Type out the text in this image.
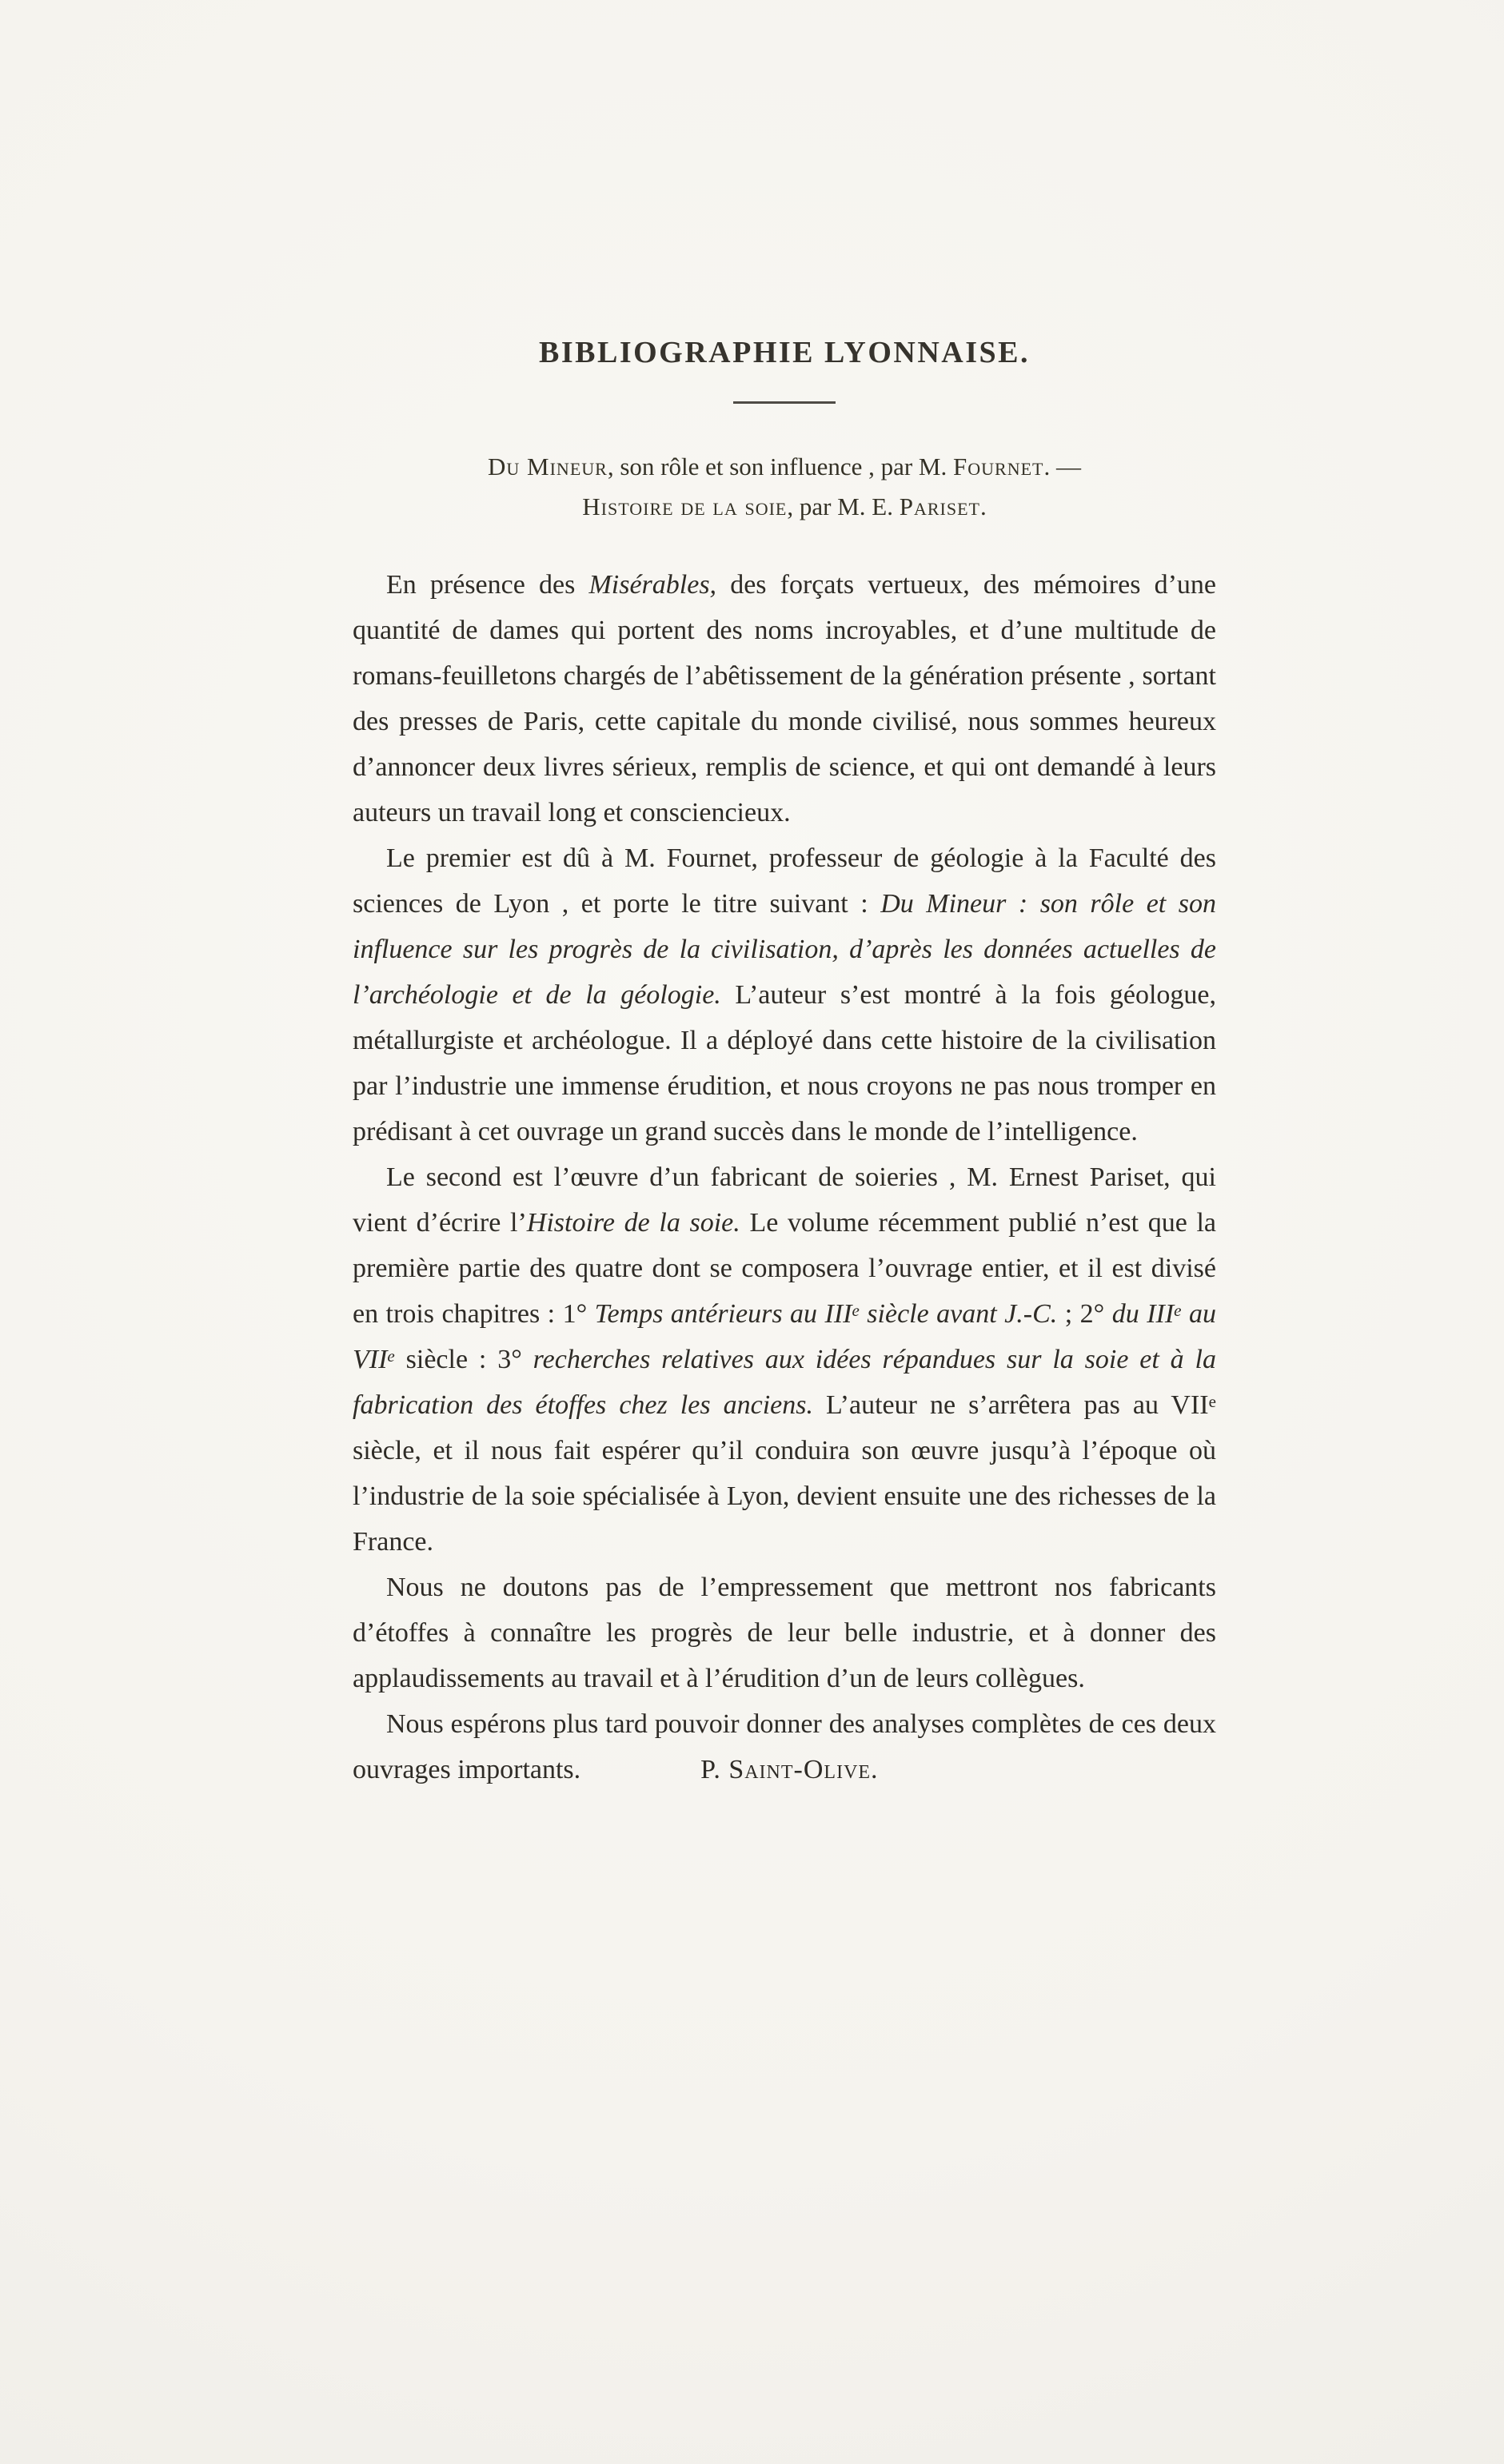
BIBLIOGRAPHIE LYONNAISE.
Du Mineur, son rôle et son influence , par M. Fournet. —
Histoire de la soie, par M. E. Pariset.

En présence des Misérables, des forçats vertueux, des mémoires d’une quantité de dames qui portent des noms incroyables, et d’une multitude de romans-feuilletons chargés de l’abêtissement de la génération présente , sortant des presses de Paris, cette capitale du monde civilisé, nous sommes heureux d’annoncer deux livres sérieux, remplis de science, et qui ont demandé à leurs auteurs un travail long et consciencieux.

Le premier est dû à M. Fournet, professeur de géologie à la Faculté des sciences de Lyon , et porte le titre suivant : Du Mineur : son rôle et son influence sur les progrès de la civilisation, d’après les données actuelles de l’archéologie et de la géologie. L’auteur s’est montré à la fois géologue, métallurgiste et archéologue. Il a déployé dans cette histoire de la civilisation par l’industrie une immense érudition, et nous croyons ne pas nous tromper en prédisant à cet ouvrage un grand succès dans le monde de l’intelligence.

Le second est l’œuvre d’un fabricant de soieries , M. Ernest Pariset, qui vient d’écrire l’Histoire de la soie. Le volume récemment publié n’est que la première partie des quatre dont se composera l’ouvrage entier, et il est divisé en trois chapitres : 1° Temps antérieurs au IIIe siècle avant J.-C. ; 2° du IIIe au VIIe siècle : 3° recherches relatives aux idées répandues sur la soie et à la fabrication des étoffes chez les anciens. L’auteur ne s’arrêtera pas au VIIe siècle, et il nous fait espérer qu’il conduira son œuvre jusqu’à l’époque où l’industrie de la soie spécialisée à Lyon, devient ensuite une des richesses de la France.

Nous ne doutons pas de l’empressement que mettront nos fabricants d’étoffes à connaître les progrès de leur belle industrie, et à donner des applaudissements au travail et à l’érudition d’un de leurs collègues.

Nous espérons plus tard pouvoir donner des analyses complètes de ces deux ouvrages importants.	P. Saint-Olive.
